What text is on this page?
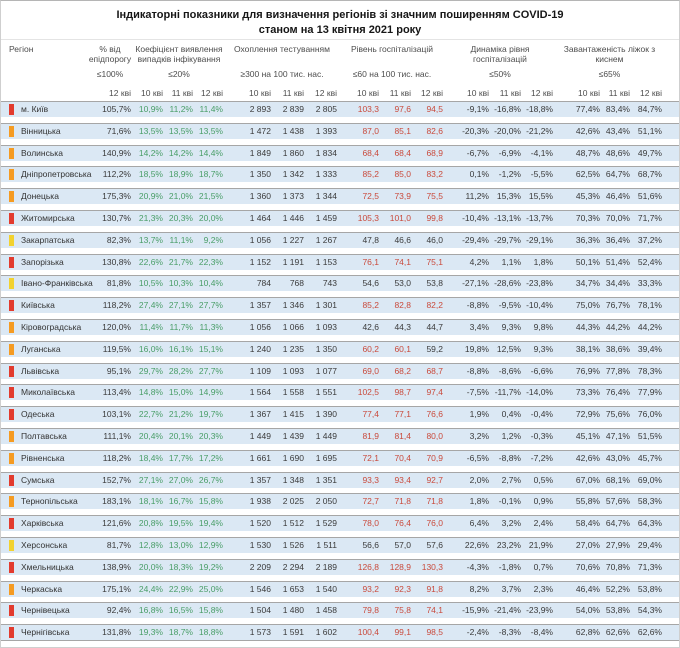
Індикаторні показники для визначення регіонів зі значним поширенням COVID-19
станом на 13 квітня 2021 року
Регіон	% від епідпорогу
Коефіцієнт виявлення випадків інфікування
Охоплення тестуванням	Рівень госпіталізацій	Динаміка рівня госпіталізацій
Завантаженість ліжок з киснем
≤100%	≤20%	≥300 на 100 тис. нас.	≤60 на 100 тис. нас.	≤50%	≤65%
12 кві	10 кві	11 кві 12 кві	10 кві	11 кві	12 кві	10 кві	11 кві	12 кві	10 кві	11 кві	12 кві	10 кві	11 кві	12 кві
м. Київ	105,7% 10,9% 11,2% 11,4%	2 893	2 839	2 805	103,3	97,6	94,5	-9,1% -16,8% -18,8%	77,4% 83,4% 84,7%
Вінницька	71,6% 13,5% 13,5% 13,5%	1 472	1 438	1 393	87,0	85,1	82,6	-20,3% -20,0% -21,2%	42,6% 43,4% 51,1%
Волинська	140,9% 14,2% 14,2% 14,4%	1 849	1 860	1 834	68,4	68,4	68,9	-6,7%	-6,9%	-4,1%	48,7% 48,6% 49,7%
Дніпропетровська	112,2% 18,5% 18,9% 18,7%	1 350	1 342	1 333	85,2	85,0	83,2	0,1%	-1,2%	-5,5%	62,5% 64,7% 68,7%
Донецька	175,3% 20,9% 21,0% 21,5%	1 360	1 373	1 344	72,5	73,9	75,5	11,2% 15,3% 15,5%	45,3% 46,4% 51,6%
Житомирська	130,7% 21,3% 20,3% 20,0%	1 464	1 446	1 459	105,3	101,0	99,8	-10,4% -13,1% -13,7%	70,3% 70,0% 71,7%
Закарпатська	82,3% 13,7% 11,1%	9,2%	1 056	1 227	1 267	47,8	46,6	46,0	-29,4% -29,7% -29,1%	36,3% 36,4% 37,2%
Запорізька	130,8% 22,6% 21,7% 22,3%	1 152	1 191	1 153	76,1	74,1	75,1	4,2%	1,1%	1,8%	50,1% 51,4% 52,4%
Івано-Франківська	81,8% 10,5% 10,3% 10,4%	784	768	743	54,6	53,0	53,8	-27,1% -28,6% -23,8%	34,7% 34,4% 33,3%
Київська	118,2% 27,4% 27,1% 27,7%	1 357	1 346	1 301	85,2	82,8	82,2	-8,8%	-9,5% -10,4%	75,0% 76,7% 78,1%
Кіровоградська	120,0%	11,4% 11,7% 11,3%	1 056	1 066	1 093	42,6	44,3	44,7	3,4%	9,3%	9,8%	44,3% 44,2% 44,2%
Луганська	119,5% 16,0% 16,1% 15,1%	1 240	1 235	1 350	60,2	60,1	59,2	19,8% 12,5%	9,3%	38,1% 38,6% 39,4%
Львівська	95,1% 29,7% 28,2% 27,7%	1 109	1 093	1 077	69,0	68,2	68,7	-8,8%	-8,6%	-6,6%	76,9% 77,8% 78,3%
Миколаївська	113,4% 14,8% 15,0% 14,9%	1 564	1 558	1 551	102,5	98,7	97,4	-7,5% -11,7% -14,0%	73,3% 76,4% 77,9%
Одеська	103,1% 22,7% 21,2% 19,7%	1 367	1 415	1 390	77,4	77,1	76,6	1,9%	0,4%	-0,4%	72,9% 75,6% 76,0%
Полтавська	111,1% 20,4% 20,1% 20,3%	1 449	1 439	1 449	81,9	81,4	80,0	3,2%	1,2%	-0,3%	45,1% 47,1% 51,5%
Рівненська	118,2% 18,4% 17,7% 17,2%	1 661	1 690	1 695	72,1	70,4	70,9	-6,5%	-8,8%	-7,2%	42,6% 43,0% 45,7%
Сумська	152,7% 27,1% 27,0% 26,7%	1 357	1 348	1 351	93,3	93,4	92,7	2,0%	2,7%	0,5%	67,0% 68,1% 69,0%
Тернопільська	183,1% 18,1% 16,7% 15,8%	1 938	2 025	2 050	72,7	71,8	71,8	1,8%	-0,1%	0,9%	55,8% 57,6% 58,3%
Харківська	121,6% 20,8% 19,5% 19,4%	1 520	1 512	1 529	78,0	76,4	76,0	6,4%	3,2%	2,4%	58,4% 64,7% 64,3%
Херсонська	81,7% 12,8% 13,0% 12,9%	1 530	1 526	1 511	56,6	57,0	57,6	22,6% 23,2% 21,9%	27,0% 27,9% 29,4%
Хмельницька	138,9% 20,0% 18,3% 19,2%	2 209	2 294	2 189	126,8	128,9	130,3	-4,3%	-1,8%	0,7%	70,6% 70,8% 71,3%
Черкаська	175,1% 24,4% 22,9% 25,0%	1 546	1 653	1 540	93,2	92,3	91,8	8,2%	3,7%	2,3%	46,4% 52,2% 53,8%
Чернівецька	92,4% 16,8% 16,5% 15,8%	1 504	1 480	1 458	79,8	75,8	74,1	-15,9% -21,4% -23,9%	54,0% 53,8% 54,3%
Чернігівська	131,8% 19,3% 18,7% 18,8%	1 573	1 591	1 602	100,4	99,1	98,5	-2,4%	-8,3%	-8,4%	62,8% 62,6% 62,6%
